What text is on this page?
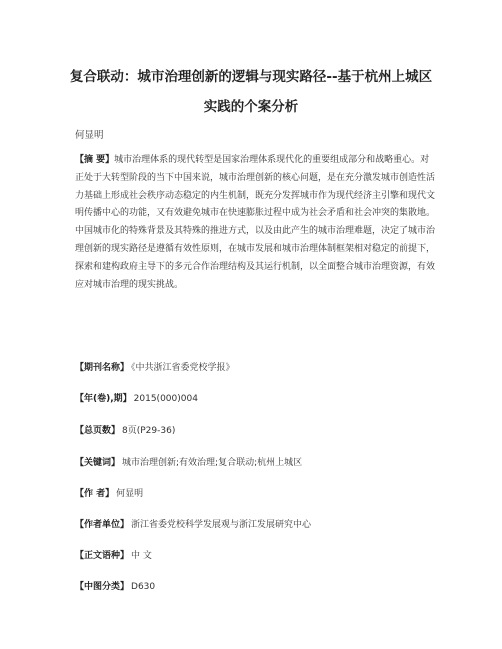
复合联动：城市治理创新的逻辑与现实路径--基于杭州上城区
实践的个案分析
何显明

【摘 要】城市治理体系的现代转型是国家治理体系现代化的重要组成部分和战略重心。对正处于大转型阶段的当下中国来说，城市治理创新的核心问题，是在充分激发城市创造性活力基础上形成社会秩序动态稳定的内生机制，既充分发挥城市作为现代经济主引擎和现代文明传播中心的功能，又有效避免城市在快速膨胀过程中成为社会矛盾和社会冲突的集散地。中国城市化的特殊背景及其特殊的推进方式，以及由此产生的城市治理难题，决定了城市治理创新的现实路径是遵循有效性原则，在城市发展和城市治理体制框架相对稳定的前提下，探索和建构政府主导下的多元合作治理结构及其运行机制，以全面整合城市治理资源，有效应对城市治理的现实挑战。

【期刊名称】 《中共浙江省委党校学报》
【年(卷),期】 2015(000)004
【总页数】 8页(P29-36)
【关键词】 城市治理创新;有效治理;复合联动;杭州上城区
【作 者】 何显明
【作者单位】 浙江省委党校科学发展观与浙江发展研究中心
【正文语种】 中 文
【中图分类】 D630
